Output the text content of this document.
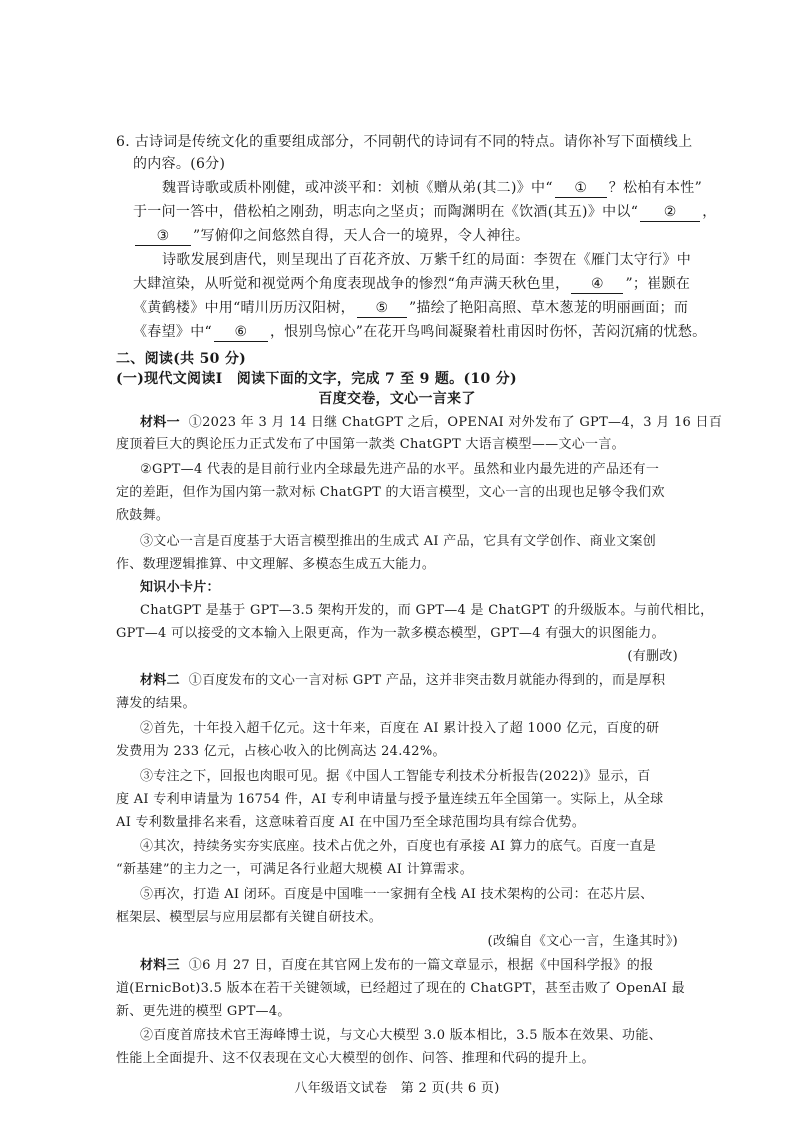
6. 古诗词是传统文化的重要组成部分，不同朝代的诗词有不同的特点。请你补写下面横线上
的内容。(6分)
魏晋诗歌或质朴刚健，或冲淡平和：刘桢《赠从弟(其二)》中“ ① ？松柏有本性”
于一问一答中，借松柏之刚劲，明志向之坚贞；而陶渊明在《饮酒(其五)》中以“ ② ，
③ ”写俯仰之间悠然自得，天人合一的境界，令人神往。
诗歌发展到唐代，则呈现出了百花齐放、万紫千红的局面：李贺在《雁门太守行》中
大肆渲染，从听觉和视觉两个角度表现战争的惨烈“角声满天秋色里， ④ ”；崔颢在
《黄鹤楼》中用“晴川历历汉阳树， ⑤ ”描绘了艳阳高照、草木葱茏的明丽画面；而
《春望》中“ ⑥ ，恨别鸟惊心”在花开鸟鸣间凝聚着杜甫因时伤怀，苦闷沉痛的忧愁。
二、阅读(共 50 分)
(一)现代文阅读Ⅰ　阅读下面的文字，完成 7 至 9 题。(10 分)
百度交卷，文心一言来了
材料一 ①2023 年 3 月 14 日继 ChatGPT 之后，OPENAI 对外发布了 GPT—4，3 月 16 日百
度顶着巨大的舆论压力正式发布了中国第一款类 ChatGPT 大语言模型——文心一言。
②GPT—4 代表的是目前行业内全球最先进产品的水平。虽然和业内最先进的产品还有一
定的差距，但作为国内第一款对标 ChatGPT 的大语言模型，文心一言的出现也足够令我们欢
欣鼓舞。
③文心一言是百度基于大语言模型推出的生成式 AI 产品，它具有文学创作、商业文案创
作、数理逻辑推算、中文理解、多模态生成五大能力。
知识小卡片：
ChatGPT 是基于 GPT—3.5 架构开发的，而 GPT—4 是 ChatGPT 的升级版本。与前代相比，
GPT—4 可以接受的文本输入上限更高，作为一款多模态模型，GPT—4 有强大的识图能力。
(有删改)
材料二 ①百度发布的文心一言对标 GPT 产品，这并非突击数月就能办得到的，而是厚积
薄发的结果。
②首先，十年投入超千亿元。这十年来，百度在 AI 累计投入了超 1000 亿元，百度的研
发费用为 233 亿元，占核心收入的比例高达 24.42%。
③专注之下，回报也肉眼可见。据《中国人工智能专利技术分析报告(2022)》显示，百
度 AI 专利申请量为 16754 件，AI 专利申请量与授予量连续五年全国第一。实际上，从全球
AI 专利数量排名来看，这意味着百度 AI 在中国乃至全球范围均具有综合优势。
④其次，持续务实夯实底座。技术占优之外，百度也有承接 AI 算力的底气。百度一直是
“新基建”的主力之一，可满足各行业超大规模 AI 计算需求。
⑤再次，打造 AI 闭环。百度是中国唯一一家拥有全栈 AI 技术架构的公司：在芯片层、
框架层、模型层与应用层都有关键自研技术。
(改编自《文心一言，生逢其时》)
材料三 ①6 月 27 日，百度在其官网上发布的一篇文章显示，根据《中国科学报》的报
道(ErnicBot)3.5 版本在若干关键领域，已经超过了现在的 ChatGPT，甚至击败了 OpenAI 最
新、更先进的模型 GPT—4。
②百度首席技术官王海峰博士说，与文心大模型 3.0 版本相比，3.5 版本在效果、功能、
性能上全面提升、这不仅表现在文心大模型的创作、问答、推理和代码的提升上。
八年级语文试卷　第 2 页(共 6 页)
